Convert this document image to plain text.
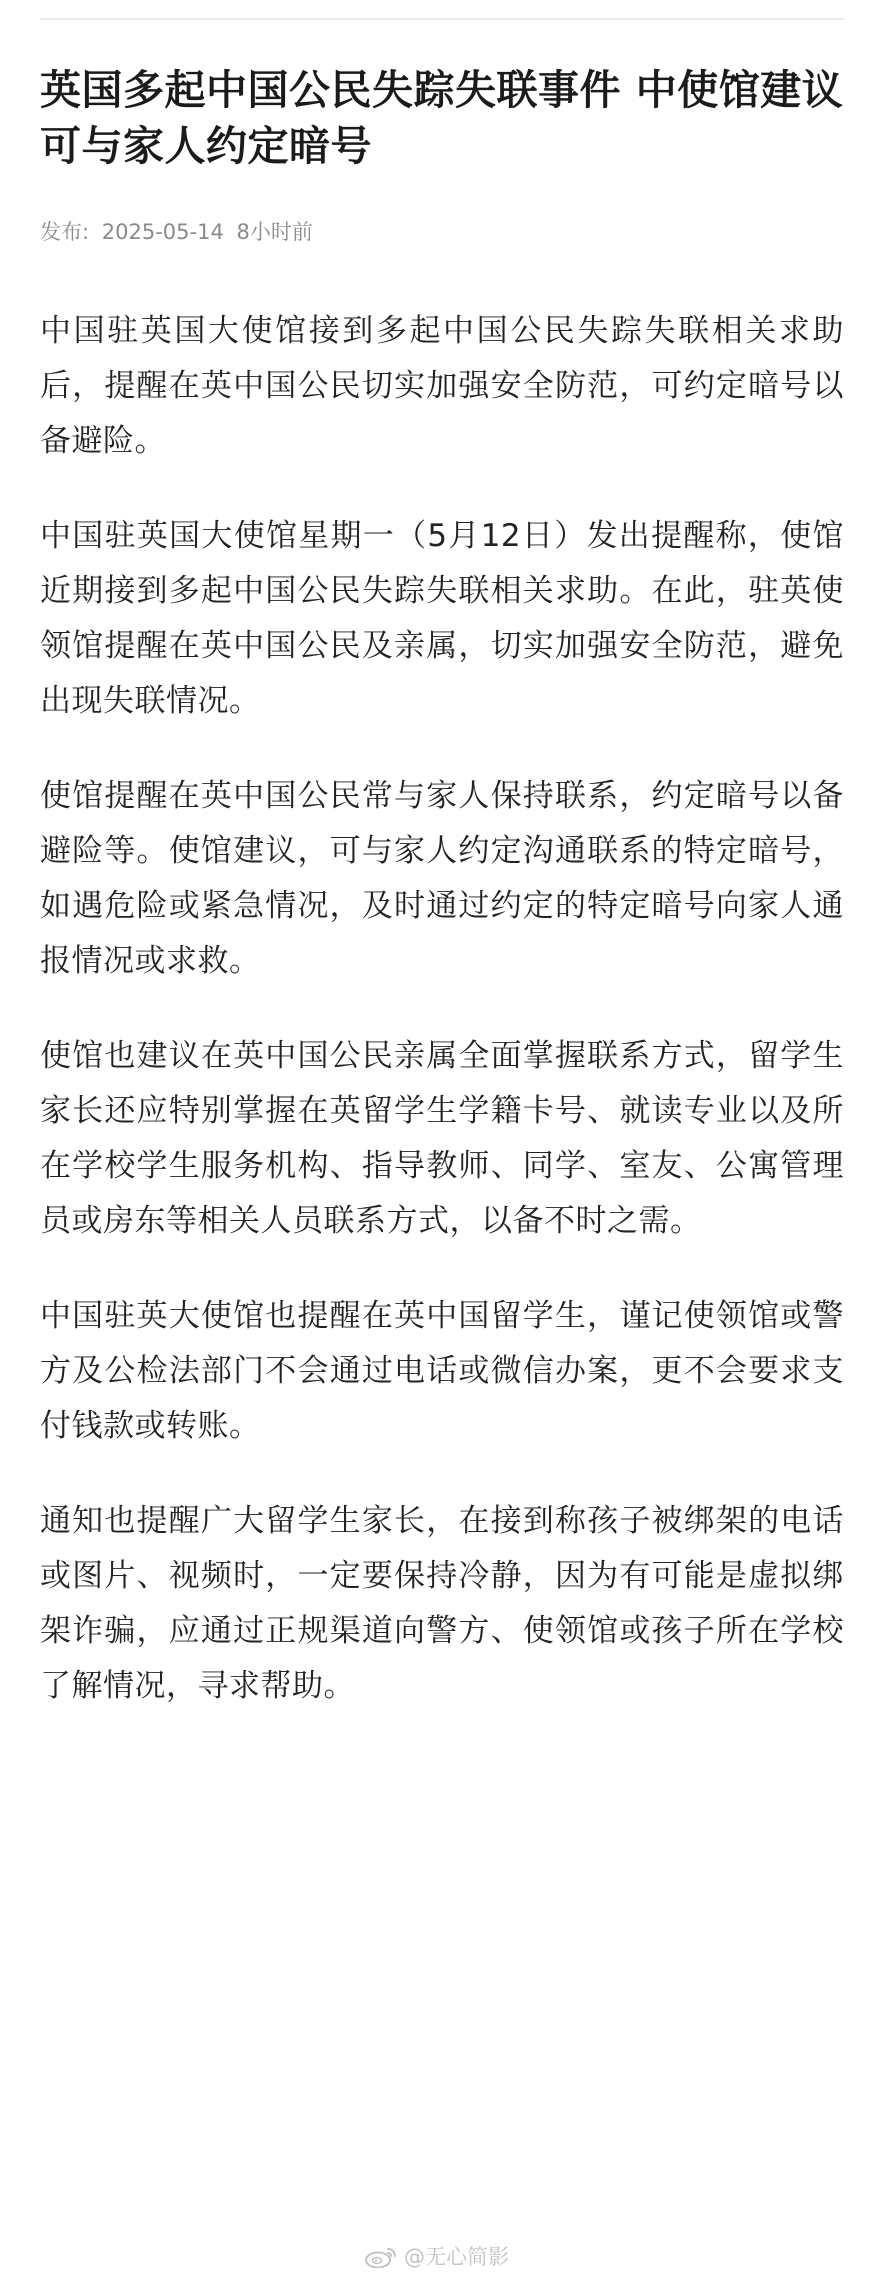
英国多起中国公民失踪失联事件 中使馆建议可与家人约定暗号
发布: 2025-05-14 8小时前

中国驻英国大使馆接到多起中国公民失踪失联相关求助后，提醒在英中国公民切实加强安全防范，可约定暗号以备避险。

中国驻英国大使馆星期一（5月12日）发出提醒称，使馆近期接到多起中国公民失踪失联相关求助。在此，驻英使领馆提醒在英中国公民及亲属，切实加强安全防范，避免出现失联情况。

使馆提醒在英中国公民常与家人保持联系，约定暗号以备避险等。使馆建议，可与家人约定沟通联系的特定暗号，如遇危险或紧急情况，及时通过约定的特定暗号向家人通报情况或求救。

使馆也建议在英中国公民亲属全面掌握联系方式，留学生家长还应特别掌握在英留学生学籍卡号、就读专业以及所在学校学生服务机构、指导教师、同学、室友、公寓管理员或房东等相关人员联系方式，以备不时之需。

中国驻英大使馆也提醒在英中国留学生，谨记使领馆或警方及公检法部门不会通过电话或微信办案，更不会要求支付钱款或转账。

通知也提醒广大留学生家长，在接到称孩子被绑架的电话或图片、视频时，一定要保持冷静，因为有可能是虚拟绑架诈骗，应通过正规渠道向警方、使领馆或孩子所在学校了解情况，寻求帮助。

@无心简影
